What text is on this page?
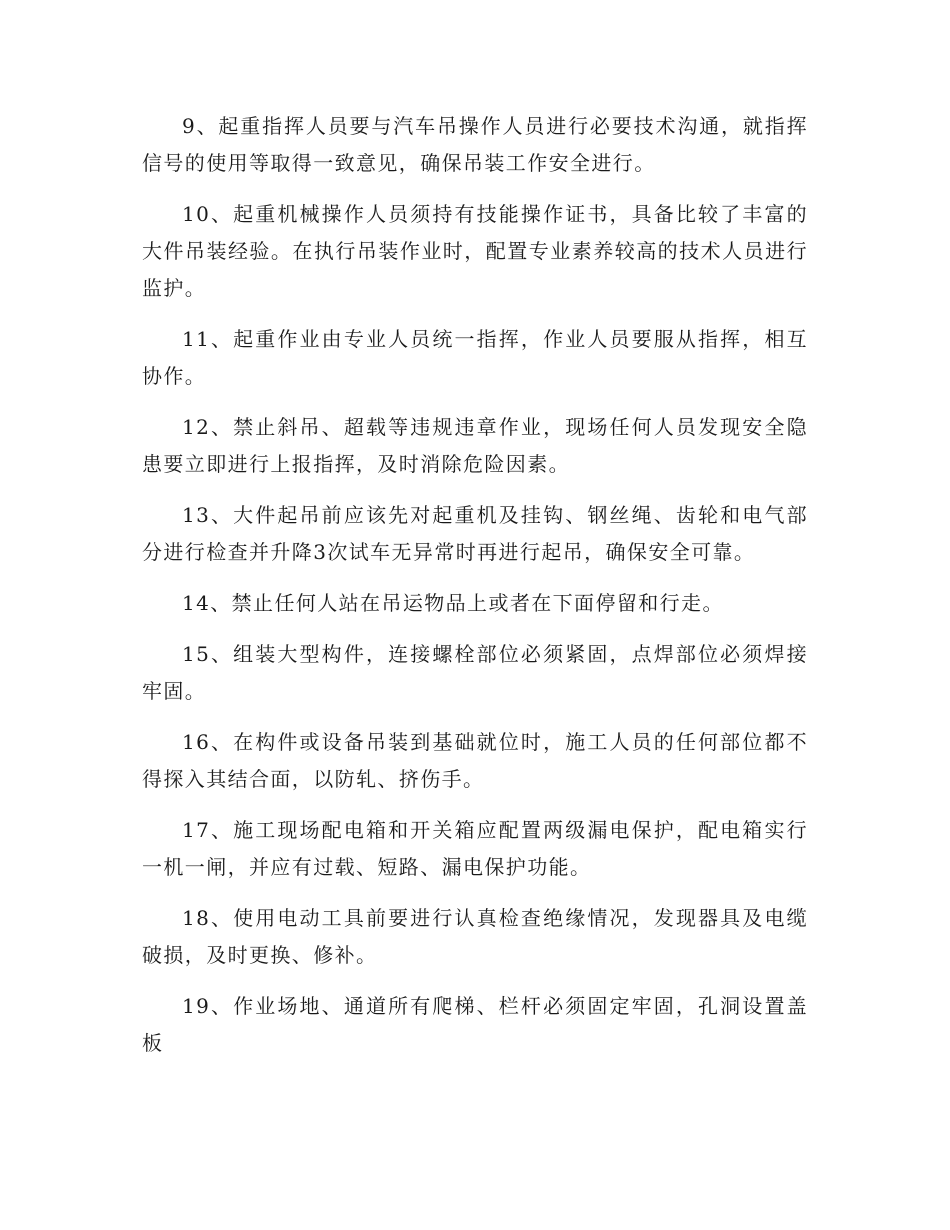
9、起重指挥人员要与汽车吊操作人员进行必要技术沟通，就指挥信号的使用等取得一致意见，确保吊装工作安全进行。

10、起重机械操作人员须持有技能操作证书，具备比较了丰富的大件吊装经验。在执行吊装作业时，配置专业素养较高的技术人员进行监护。

11、起重作业由专业人员统一指挥，作业人员要服从指挥，相互协作。

12、禁止斜吊、超载等违规违章作业，现场任何人员发现安全隐患要立即进行上报指挥，及时消除危险因素。

13、大件起吊前应该先对起重机及挂钩、钢丝绳、齿轮和电气部分进行检查并升降3次试车无异常时再进行起吊，确保安全可靠。

14、禁止任何人站在吊运物品上或者在下面停留和行走。

15、组装大型构件，连接螺栓部位必须紧固，点焊部位必须焊接牢固。

16、在构件或设备吊装到基础就位时，施工人员的任何部位都不得探入其结合面，以防轧、挤伤手。

17、施工现场配电箱和开关箱应配置两级漏电保护，配电箱实行一机一闸，并应有过载、短路、漏电保护功能。

18、使用电动工具前要进行认真检查绝缘情况，发现器具及电缆破损，及时更换、修补。

19、作业场地、通道所有爬梯、栏杆必须固定牢固，孔洞设置盖板
